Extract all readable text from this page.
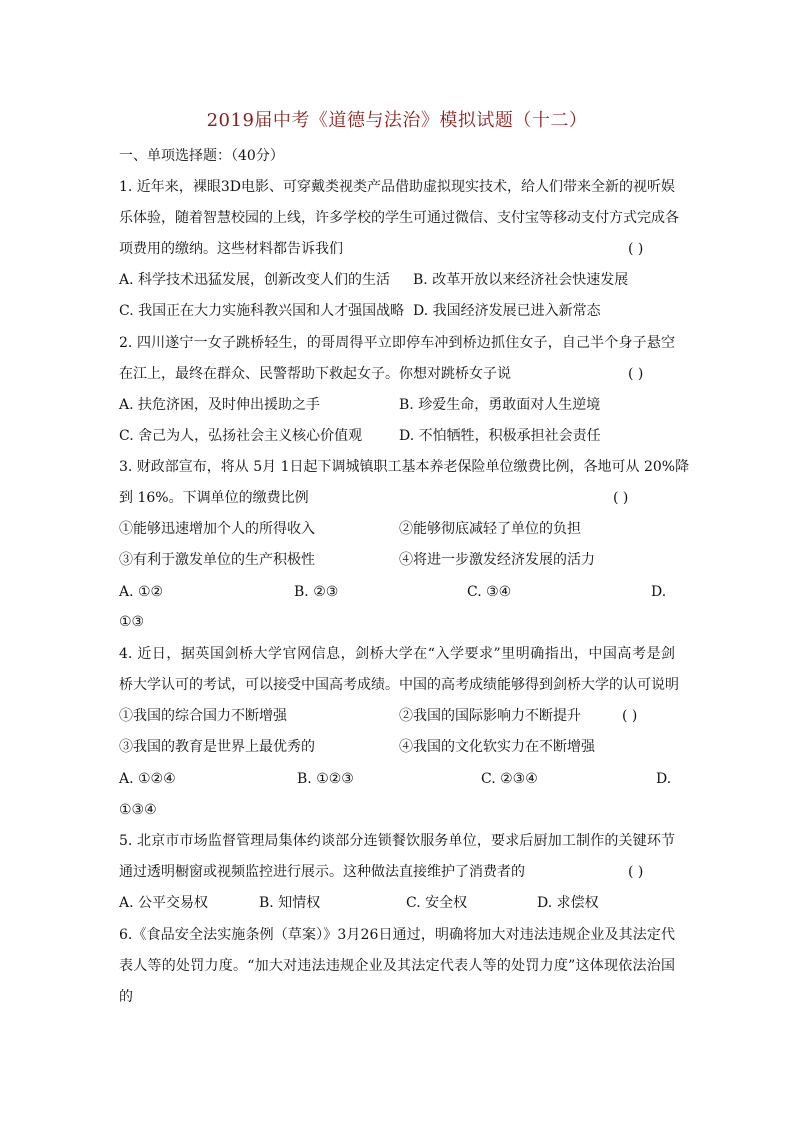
2019届中考《道德与法治》模拟试题（十二）
一、单项选择题：（40分）
1. 近年来，裸眼3D电影、可穿戴类视类产品借助虚拟现实技术，给人们带来全新的视听娱
乐体验，随着智慧校园的上线，许多学校的学生可通过微信、支付宝等移动支付方式完成各
项费用的缴纳。这些材料都告诉我们	( )
A. 科学技术迅猛发展，创新改变人们的生活 B. 改革开放以来经济社会快速发展
C. 我国正在大力实施科教兴国和人才强国战略 D. 我国经济发展已进入新常态
2. 四川遂宁一女子跳桥轻生，的哥周得平立即停车冲到桥边抓住女子，自己半个身子悬空
在江上，最终在群众、民警帮助下救起女子。你想对跳桥女子说	( )
A. 扶危济困，及时伸出援助之手	B. 珍爱生命，勇敢面对人生逆境
C. 舍己为人，弘扬社会主义核心价值观	D. 不怕牺牲，积极承担社会责任
3. 财政部宣布，将从 5月 1日起下调城镇职工基本养老保险单位缴费比例，各地可从 20%降
到 16%。下调单位的缴费比例	( )
①能够迅速增加个人的所得收入	②能够彻底减轻了单位的负担
③有利于激发单位的生产积极性	④将进一步激发经济发展的活力
A. ①②	B. ②③	C. ③④	D.
①③
4. 近日，据英国剑桥大学官网信息，剑桥大学在“入学要求”里明确指出，中国高考是剑
桥大学认可的考试，可以接受中国高考成绩。中国的高考成绩能够得到剑桥大学的认可说明
①我国的综合国力不断增强	②我国的国际影响力不断提升	( )
③我国的教育是世界上最优秀的	④我国的文化软实力在不断增强
A. ①②④	B. ①②③	C. ②③④	D.
①③④
5. 北京市市场监督管理局集体约谈部分连锁餐饮服务单位，要求后厨加工制作的关键环节
通过透明橱窗或视频监控进行展示。这种做法直接维护了消费者的	( )
A. 公平交易权	B. 知情权	C. 安全权	D. 求偿权
6.《食品安全法实施条例（草案）》3月26日通过，明确将加大对违法违规企业及其法定代
表人等的处罚力度。“加大对违法违规企业及其法定代表人等的处罚力度”这体现依法治国
的
